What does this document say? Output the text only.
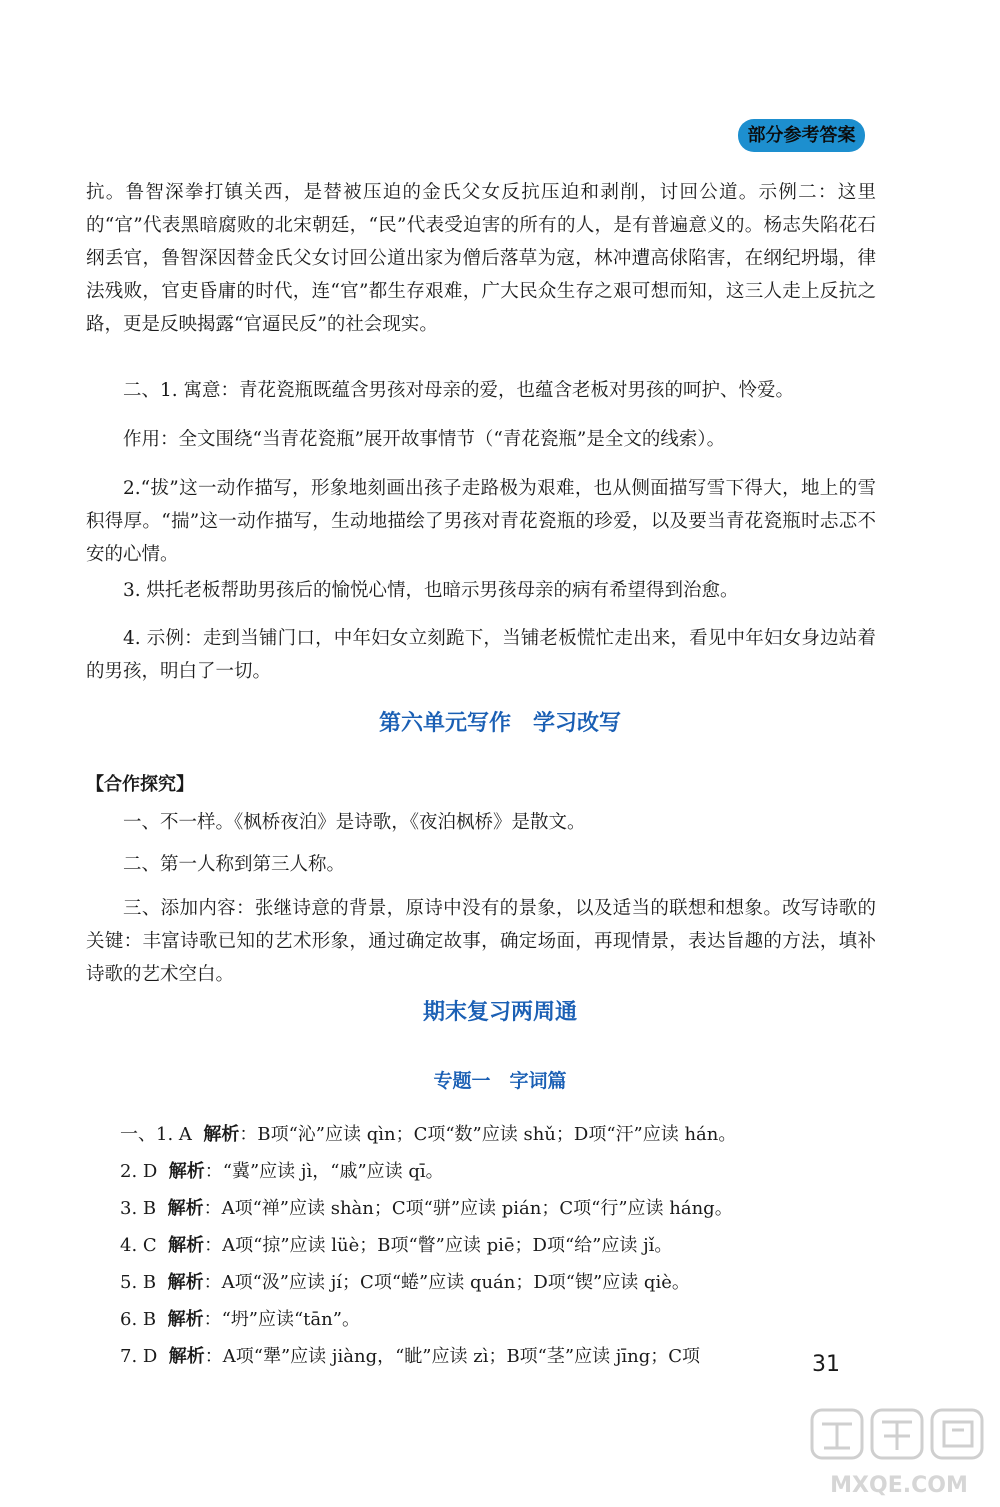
部分参考答案

抗。鲁智深拳打镇关西，是替被压迫的金氏父女反抗压迫和剥削，讨回公道。示例二：这里的“官”代表黑暗腐败的北宋朝廷，“民”代表受迫害的所有的人，是有普遍意义的。杨志失陷花石纲丢官，鲁智深因替金氏父女讨回公道出家为僧后落草为寇，林冲遭高俅陷害，在纲纪坍塌，律法残败，官吏昏庸的时代，连“官”都生存艰难，广大民众生存之艰可想而知，这三人走上反抗之路，更是反映揭露“官逼民反”的社会现实。

二、1. 寓意：青花瓷瓶既蕴含男孩对母亲的爱，也蕴含老板对男孩的呵护、怜爱。

作用：全文围绕“当青花瓷瓶”展开故事情节（“青花瓷瓶”是全文的线索）。

2.“拔”这一动作描写，形象地刻画出孩子走路极为艰难，也从侧面描写雪下得大，地上的雪积得厚。“揣”这一动作描写，生动地描绘了男孩对青花瓷瓶的珍爱，以及要当青花瓷瓶时忐忑不安的心情。

3. 烘托老板帮助男孩后的愉悦心情，也暗示男孩母亲的病有希望得到治愈。

4. 示例：走到当铺门口，中年妇女立刻跪下，当铺老板慌忙走出来，看见中年妇女身边站着的男孩，明白了一切。

第六单元写作　学习改写
【合作探究】

一、不一样。《枫桥夜泊》是诗歌，《夜泊枫桥》是散文。

二、第一人称到第三人称。

三、添加内容：张继诗意的背景，原诗中没有的景象，以及适当的联想和想象。改写诗歌的关键：丰富诗歌已知的艺术形象，通过确定故事，确定场面，再现情景，表达旨趣的方法，填补诗歌的艺术空白。

期末复习两周通
专题一　字词篇
一、1. A 解析：B项“沁”应读 qìn；C项“数”应读 shǔ；D项“汗”应读 hán。
2. D 解析：“冀”应读 jì，“戚”应读 qī。
3. B 解析：A项“禅”应读 shàn；C项“骈”应读 pián；C项“行”应读 háng。
4. C 解析：A项“掠”应读 lüè；B项“瞥”应读 piē；D项“给”应读 jǐ。
5. B 解析：A项“汲”应读 jí；C项“蜷”应读 quán；D项“锲”应读 qiè。
6. B 解析：“坍”应读“tān”。
7. D 解析：A项“犟”应读 jiàng，“眦”应读 zì；B项“茎”应读 jīng；C项	31
MXQE.COM
